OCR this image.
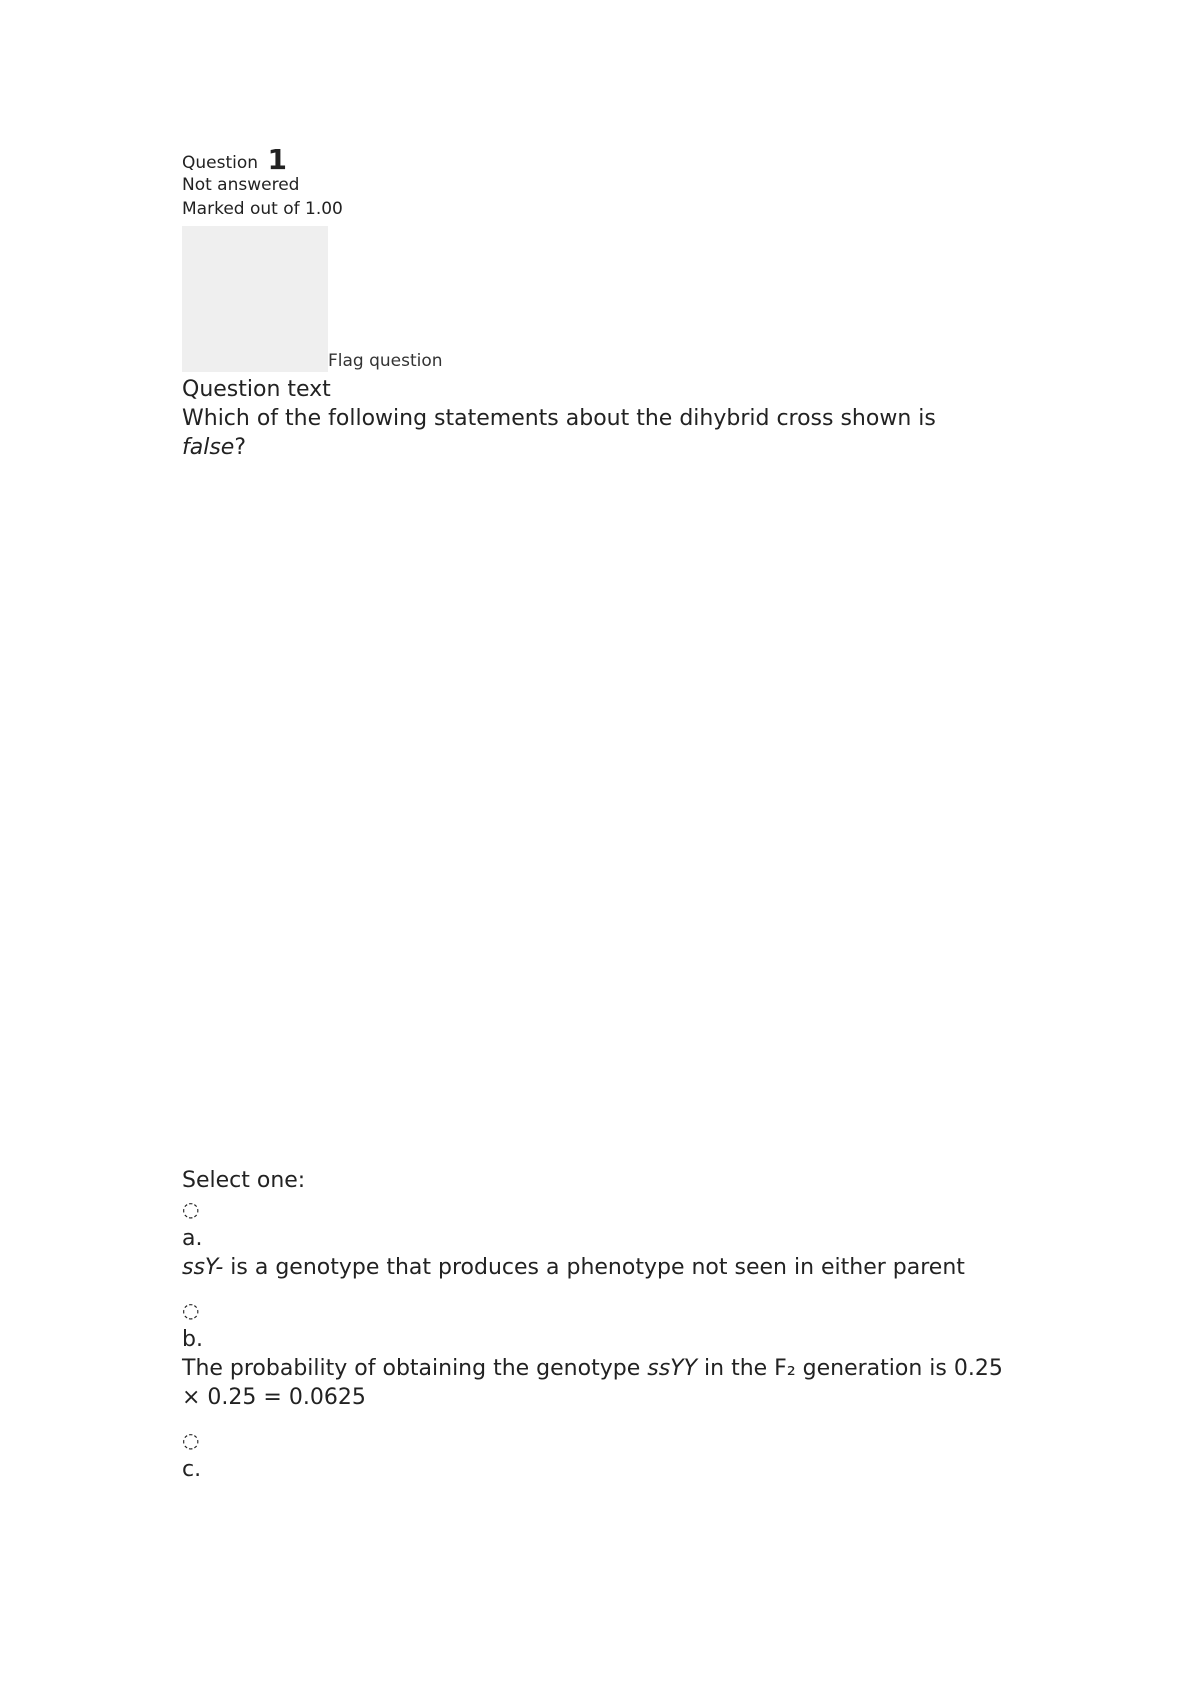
Question 1
Not answered
Marked out of 1.00
Flag question
Question text
Which of the following statements about the dihybrid cross shown is false?
Select one:
◌
a.
ssY- is a genotype that produces a phenotype not seen in either parent
◌
b.
The probability of obtaining the genotype ssYY in the F₂ generation is 0.25 × 0.25 = 0.0625
◌
c.
